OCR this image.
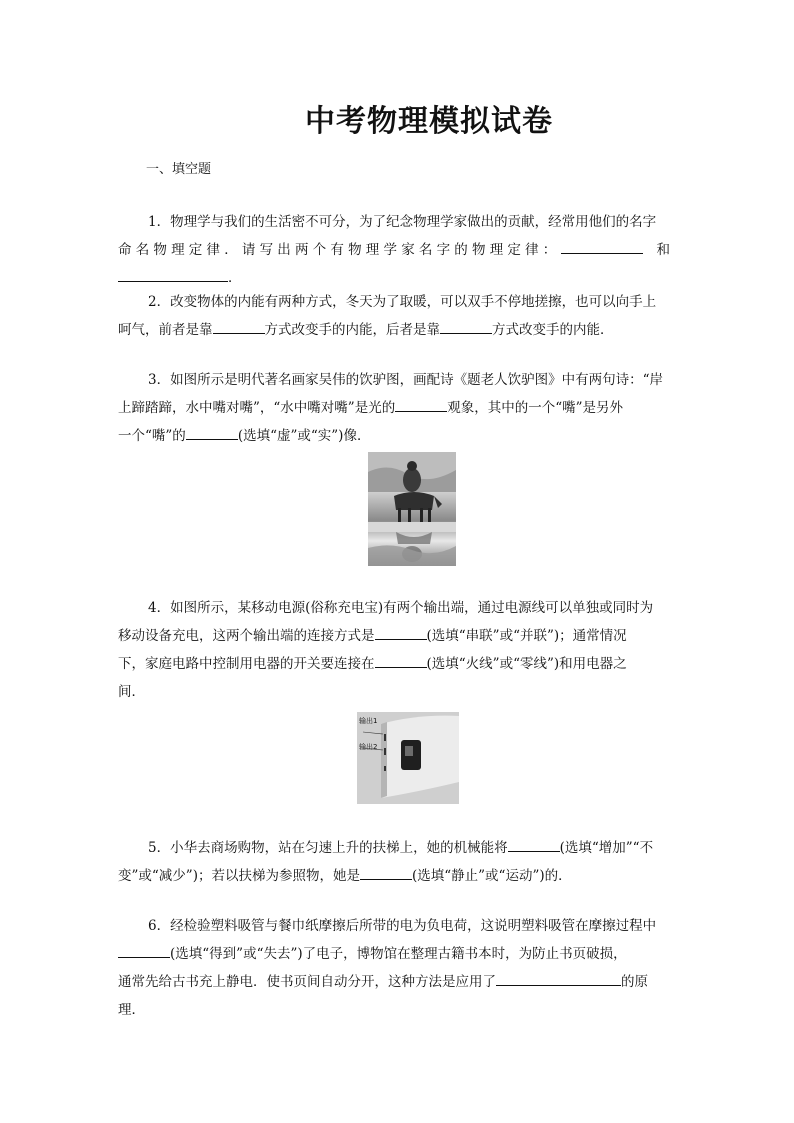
中考物理模拟试卷
一、填空题
1．物理学与我们的生活密不可分，为了纪念物理学家做出的贡献，经常用他们的名字
命名物理定律．请写出两个有物理学家名字的物理定律：	和
．
2．改变物体的内能有两种方式，冬天为了取暖，可以双手不停地搓擦，也可以向手上
呵气，前者是靠	方式改变手的内能，后者是靠	方式改变手的内能．
3．如图所示是明代著名画家吴伟的饮驴图，画配诗《题老人饮驴图》中有两句诗：“岸
上蹄踏蹄，水中嘴对嘴”，“水中嘴对嘴”是光的	观象，其中的一个“嘴”是另外
一个“嘴”的	(选填“虚”或“实”)像．
4．如图所示，某移动电源(俗称充电宝)有两个输出端，通过电源线可以单独或同时为
移动设备充电，这两个输出端的连接方式是	(选填“串联”或“并联”)；通常情况
下，家庭电路中控制用电器的开关要连接在	(选填“火线”或“零线”)和用电器之
间．
输出1
输出2
5．小华去商场购物，站在匀速上升的扶梯上，她的机械能将	(选填“增加”“不
变”或“减少”)；若以扶梯为参照物，她是	(选填“静止”或“运动”)的．
6．经检验塑料吸管与餐巾纸摩擦后所带的电为负电荷，这说明塑料吸管在摩擦过程中
(选填“得到”或“失去”)了电子，博物馆在整理古籍书本时，为防止书页破损，
通常先给古书充上静电．使书页间自动分开，这种方法是应用了	的原
理．
